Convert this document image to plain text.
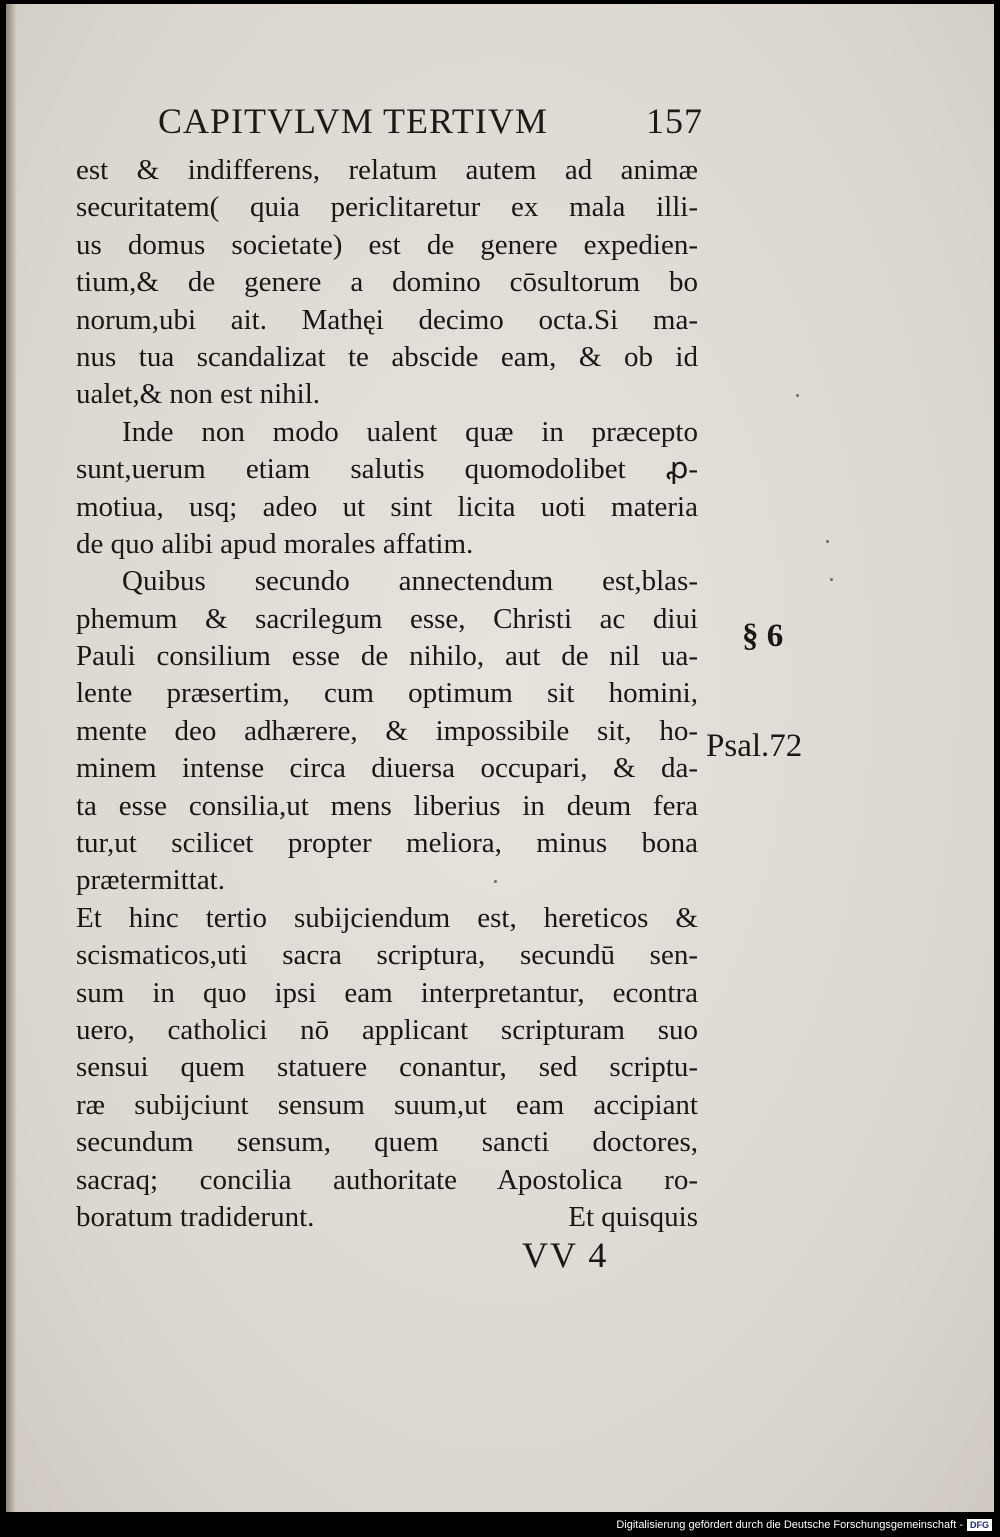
CAPITVLVM TERTIVM	157
est & indifferens, relatum autem ad animæ
securitatem( quia periclitaretur ex mala illi-
us domus societate) est de genere expedien-
tium,& de genere a domino cōsultorum bo
norum,ubi ait. Mathęi decimo octa.Si ma-
nus tua scandalizat te abscide eam, & ob id
ualet,& non est nihil.
Inde non modo ualent quæ in præcepto
sunt,uerum etiam salutis quomodolibet ꝓ-
motiua, usq; adeo ut sint licita uoti materia
de quo alibi apud morales affatim.
Quibus secundo annectendum est,blas-
phemum & sacrilegum esse, Christi ac diui
Pauli consilium esse de nihilo, aut de nil ua-
lente præsertim, cum optimum sit homini,
mente deo adhærere, & impossibile sit, ho-
minem intense circa diuersa occupari, & da-
ta esse consilia,ut mens liberius in deum fera
tur,ut scilicet propter meliora, minus bona
prætermittat.
Et hinc tertio subijciendum est, hereticos &
scismaticos,uti sacra scriptura, secundū sen-
sum in quo ipsi eam interpretantur, econtra
uero, catholici nō applicant scripturam suo
sensui quem statuere conantur, sed scriptu-
ræ subijciunt sensum suum,ut eam accipiant
secundum sensum, quem sancti doctores,
sacraq; concilia authoritate Apostolica ro-
boratum tradiderunt.	Et quisquis
VV 4
§ 6
Psal.72
Digitalisierung gefördert durch die Deutsche Forschungsgemeinschaft - DFG
